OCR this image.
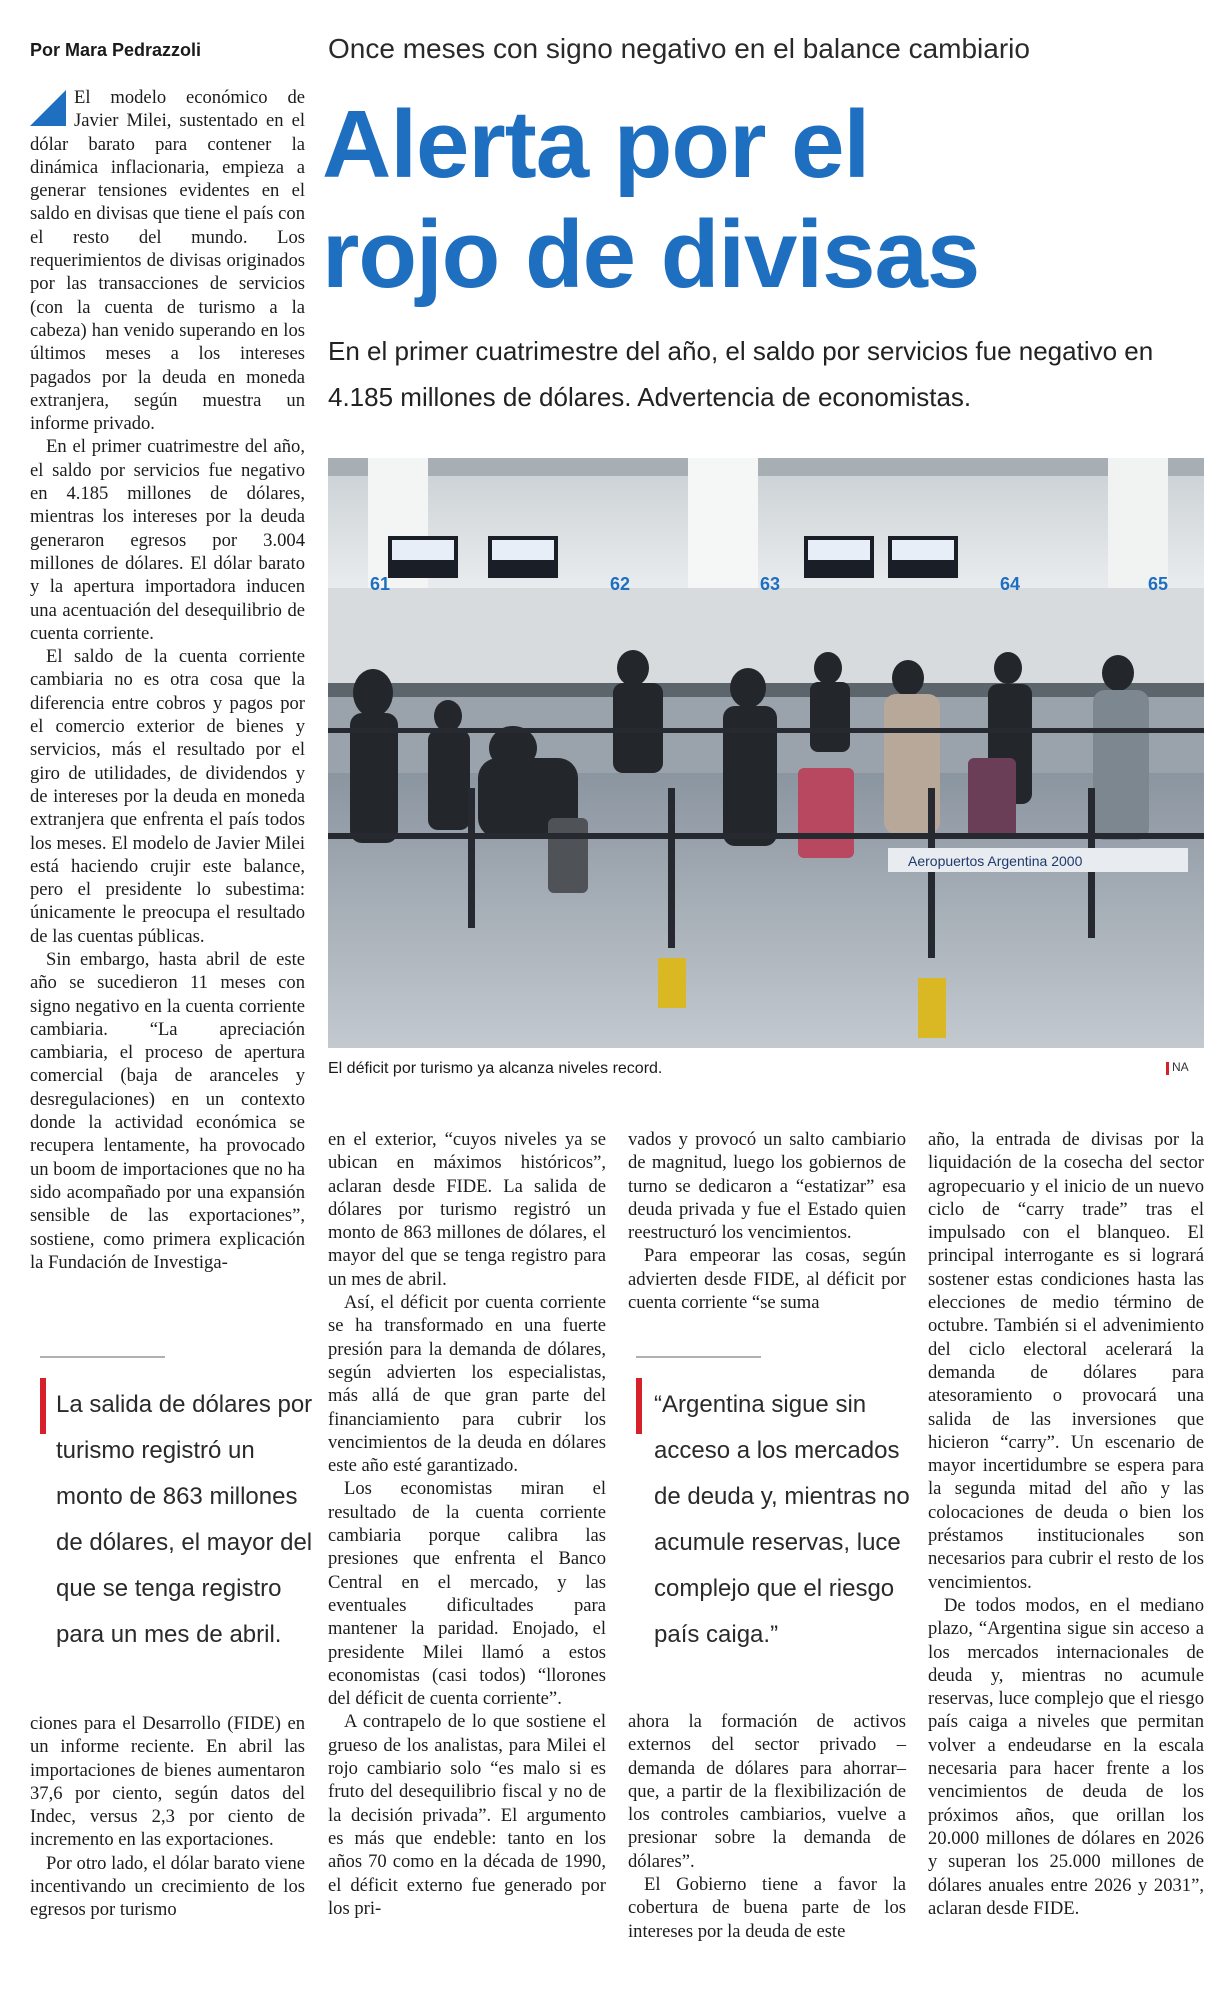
Por Mara Pedrazzoli	Once meses con signo negativo en el balance cambiario
Alerta por el
rojo de divisas
En el primer cuatrimestre del año, el saldo por servicios fue negativo en 4.185 millones de dólares. Advertencia de economistas.

El modelo económico de Javier Milei, sustentado en el dólar barato para contener la dinámica inflacionaria, empieza a generar tensiones evidentes en el saldo en divisas que tiene el país con el resto del mundo. Los requerimientos de divisas originados por las transacciones de servicios (con la cuenta de turismo a la cabeza) han venido superando en los últimos meses a los intereses pagados por la deuda en moneda extranjera, según muestra un informe privado.

En el primer cuatrimestre del año, el saldo por servicios fue negativo en 4.185 millones de dólares, mientras los intereses por la deuda generaron egresos por 3.004 millones de dólares. El dólar barato y la apertura importadora inducen una acentuación del desequilibrio de cuenta corriente.

El saldo de la cuenta corriente cambiaria no es otra cosa que la diferencia entre cobros y pagos por el comercio exterior de bienes y servicios, más el resultado por el giro de utilidades, de dividendos y de intereses por la deuda en moneda extranjera que enfrenta el país todos los meses. El modelo de Javier Milei está haciendo crujir este balance, pero el presidente lo subestima: únicamente le preocupa el resultado de las cuentas públicas.

Sin embargo, hasta abril de este año se sucedieron 11 meses con signo negativo en la cuenta corriente cambiaria. “La apreciación cambiaria, el proceso de apertura comercial (baja de aranceles y desregulaciones) en un contexto donde la actividad económica se recupera lentamente, ha provocado un boom de importaciones que no ha sido acompañado por una expansión sensible de las exportaciones”, sostiene, como primera explicación la Fundación de Investiga-

La salida de dólares por turismo registró un monto de 863 millones de dólares, el mayor del que se tenga registro para un mes de abril.

ciones para el Desarrollo (FIDE) en un informe reciente. En abril las importaciones de bienes aumentaron 37,6 por ciento, según datos del Indec, versus 2,3 por ciento de incremento en las exportaciones.

Por otro lado, el dólar barato viene incentivando un crecimiento de los egresos por turismo

61	62	63	64	65
Aeropuertos Argentina 2000
El déficit por turismo ya alcanza niveles record.	NA

en el exterior, “cuyos niveles ya se ubican en máximos históricos”, aclaran desde FIDE. La salida de dólares por turismo registró un monto de 863 millones de dólares, el mayor del que se tenga registro para un mes de abril.

Así, el déficit por cuenta corriente se ha transformado en una fuerte presión para la demanda de dólares, según advierten los especialistas, más allá de que gran parte del financiamiento para cubrir los vencimientos de la deuda en dólares este año esté garantizado.

Los economistas miran el resultado de la cuenta corriente cambiaria porque calibra las presiones que enfrenta el Banco Central en el mercado, y las eventuales dificultades para mantener la paridad. Enojado, el presidente Milei llamó a estos economistas (casi todos) “llorones del déficit de cuenta corriente”.

A contrapelo de lo que sostiene el grueso de los analistas, para Milei el rojo cambiario solo “es malo si es fruto del desequilibrio fiscal y no de la decisión privada”. El argumento es más que endeble: tanto en los años 70 como en la década de 1990, el déficit externo fue generado por los pri-

vados y provocó un salto cambiario de magnitud, luego los gobiernos de turno se dedicaron a “estatizar” esa deuda privada y fue el Estado quien reestructuró los vencimientos.

Para empeorar las cosas, según advierten desde FIDE, al déficit por cuenta corriente “se suma

“Argentina sigue sin acceso a los mercados de deuda y, mientras no acumule reservas, luce complejo que el riesgo país caiga.”

ahora la formación de activos externos del sector privado –demanda de dólares para ahorrar– que, a partir de la flexibilización de los controles cambiarios, vuelve a presionar sobre la demanda de dólares”.

El Gobierno tiene a favor la cobertura de buena parte de los intereses por la deuda de este

año, la entrada de divisas por la liquidación de la cosecha del sector agropecuario y el inicio de un nuevo ciclo de “carry trade” tras el impulsado con el blanqueo. El principal interrogante es si logrará sostener estas condiciones hasta las elecciones de medio término de octubre. También si el advenimiento del ciclo electoral acelerará la demanda de dólares para atesoramiento o provocará una salida de las inversiones que hicieron “carry”. Un escenario de mayor incertidumbre se espera para la segunda mitad del año y las colocaciones de deuda o bien los préstamos institucionales son necesarios para cubrir el resto de los vencimientos.

De todos modos, en el mediano plazo, “Argentina sigue sin acceso a los mercados internacionales de deuda y, mientras no acumule reservas, luce complejo que el riesgo país caiga a niveles que permitan volver a endeudarse en la escala necesaria para hacer frente a los vencimientos de deuda de los próximos años, que orillan los 20.000 millones de dólares en 2026 y superan los 25.000 millones de dólares anuales entre 2026 y 2031”, aclaran desde FIDE.
